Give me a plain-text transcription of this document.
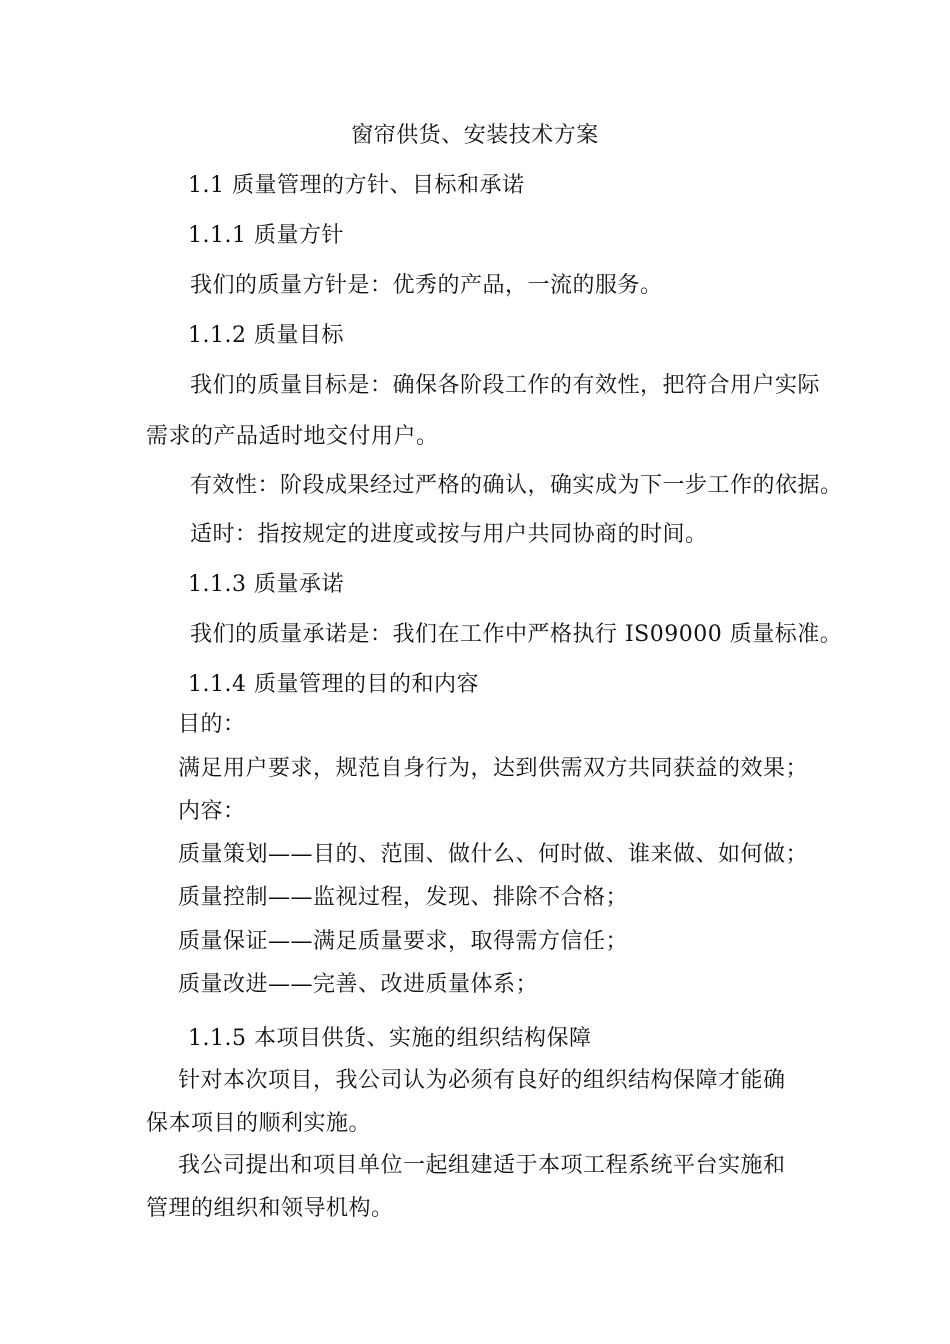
窗帘供货、安装技术方案
1.1 质量管理的方针、目标和承诺
1.1.1 质量方针
我们的质量方针是：优秀的产品，一流的服务。
1.1.2 质量目标
我们的质量目标是：确保各阶段工作的有效性，把符合用户实际
需求的产品适时地交付用户。
有效性：阶段成果经过严格的确认，确实成为下一步工作的依据。
适时：指按规定的进度或按与用户共同协商的时间。
1.1.3 质量承诺
我们的质量承诺是：我们在工作中严格执行 IS09000 质量标准。
1.1.4 质量管理的目的和内容
目的：
满足用户要求，规范自身行为，达到供需双方共同获益的效果；
内容：
质量策划——目的、范围、做什么、何时做、谁来做、如何做；
质量控制——监视过程，发现、排除不合格；
质量保证——满足质量要求，取得需方信任；
质量改进——完善、改进质量体系；
1.1.5 本项目供货、实施的组织结构保障
针对本次项目，我公司认为必须有良好的组织结构保障才能确
保本项目的顺利实施。
我公司提出和项目单位一起组建适于本项工程系统平台实施和
管理的组织和领导机构。
